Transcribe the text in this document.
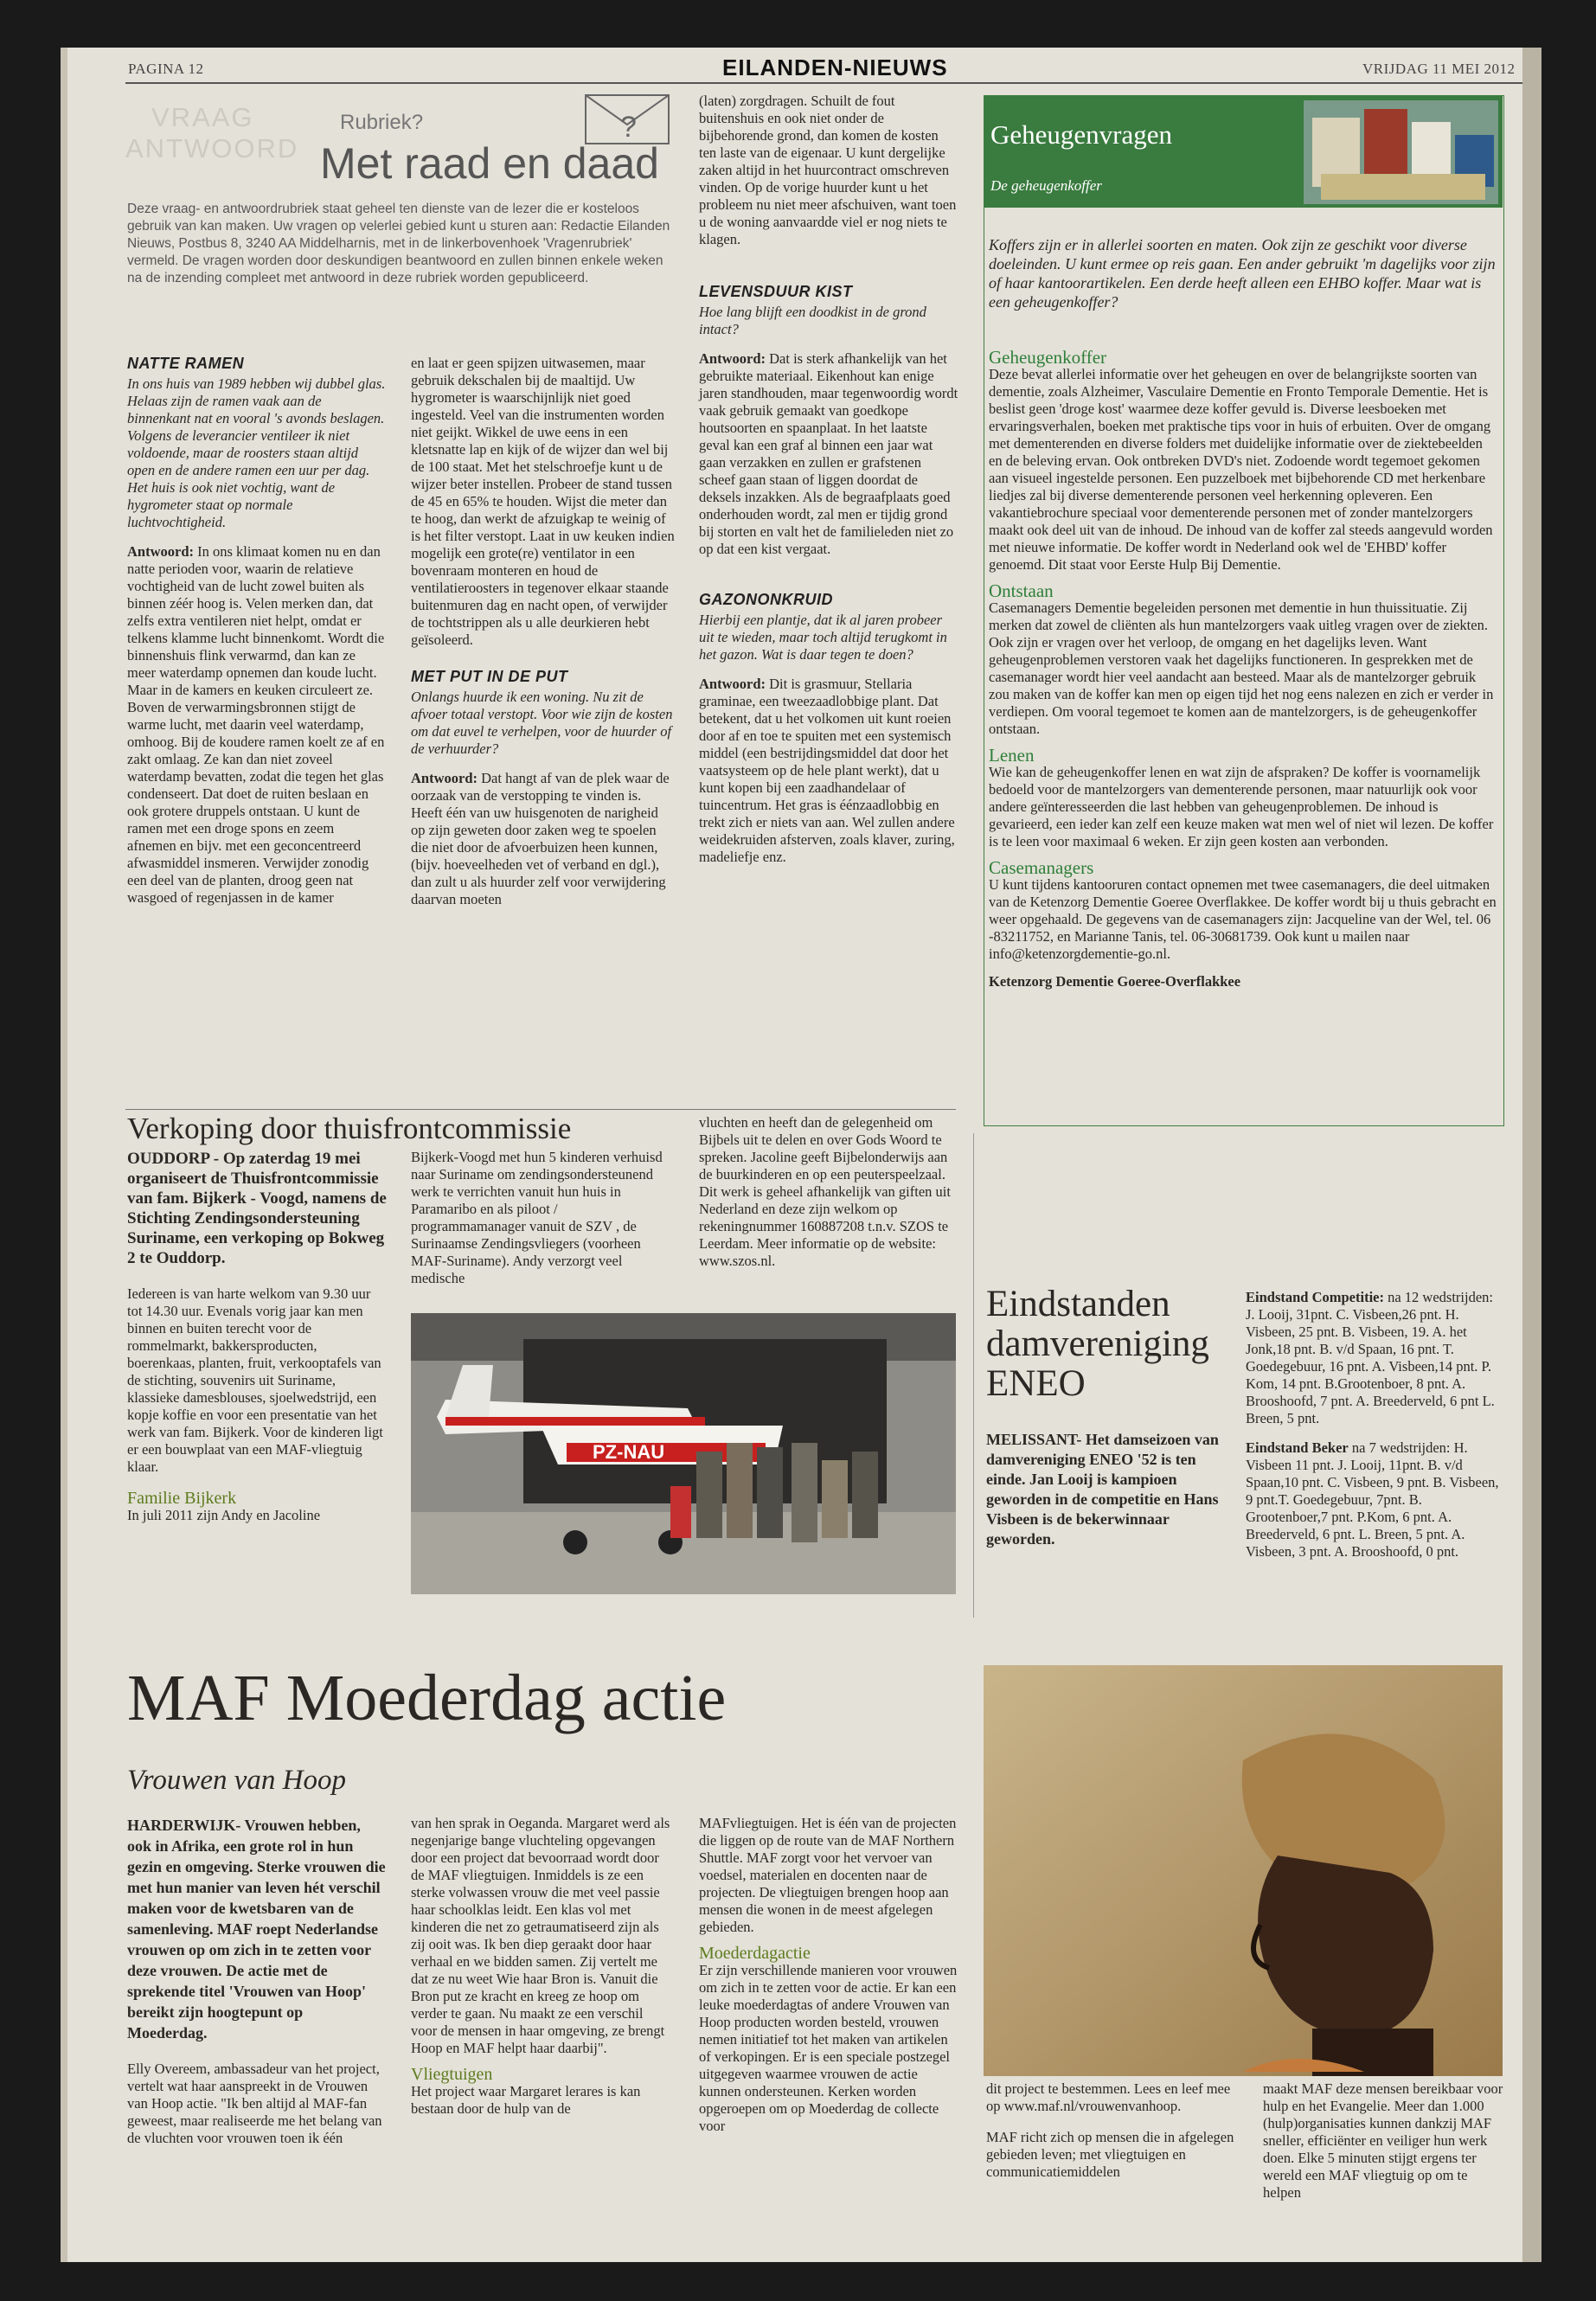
PAGINA 12	EILANDEN-NIEUWS	VRIJDAG 11 MEI 2012
VRAAG
ANTWOORD
Rubriek?
Met raad en daad
?
Deze vraag- en antwoordrubriek staat geheel ten dienste van de lezer die er kosteloos gebruik van kan maken. Uw vragen op velerlei gebied kunt u sturen aan: Redactie Eilanden Nieuws, Postbus 8, 3240 AA Middelharnis, met in de linkerbovenhoek 'Vragenrubriek' vermeld. De vragen worden door deskundigen beantwoord en zullen binnen enkele weken na de inzending compleet met antwoord in deze rubriek worden gepubliceerd.
NATTE RAMEN
In ons huis van 1989 hebben wij dubbel glas. Helaas zijn de ramen vaak aan de binnenkant nat en vooral 's avonds beslagen. Volgens de leverancier ventileer ik niet voldoende, maar de roosters staan altijd open en de andere ramen een uur per dag. Het huis is ook niet vochtig, want de hygrometer staat op normale luchtvochtigheid.
Antwoord: In ons klimaat komen nu en dan natte perioden voor, waarin de relatieve vochtigheid van de lucht zowel buiten als binnen zéér hoog is. Velen merken dan, dat zelfs extra ventileren niet helpt, omdat er telkens klamme lucht binnenkomt. Wordt die binnenshuis flink verwarmd, dan kan ze meer waterdamp opnemen dan koude lucht. Maar in de kamers en keuken circuleert ze. Boven de verwarmingsbronnen stijgt de warme lucht, met daarin veel waterdamp, omhoog. Bij de koudere ramen koelt ze af en zakt omlaag. Ze kan dan niet zoveel waterdamp bevatten, zodat die tegen het glas condenseert. Dat doet de ruiten beslaan en ook grotere druppels ontstaan. U kunt de ramen met een droge spons en zeem afnemen en bijv. met een geconcentreerd afwasmiddel insmeren. Verwijder zonodig een deel van de planten, droog geen nat wasgoed of regenjassen in de kamer
en laat er geen spijzen uitwasemen, maar gebruik dekschalen bij de maaltijd. Uw hygrometer is waarschijnlijk niet goed ingesteld. Veel van die instrumenten worden niet geijkt. Wikkel de uwe eens in een kletsnatte lap en kijk of de wijzer dan wel bij de 100 staat. Met het stelschroefje kunt u de wijzer beter instellen. Probeer de stand tussen de 45 en 65% te houden. Wijst die meter dan te hoog, dan werkt de afzuigkap te weinig of is het filter verstopt. Laat in uw keuken indien mogelijk een grote(re) ventilator in een bovenraam monteren en houd de ventilatieroosters in tegenover elkaar staande buitenmuren dag en nacht open, of verwijder de tochtstrippen als u alle deurkieren hebt geïsoleerd.
MET PUT IN DE PUT
Onlangs huurde ik een woning. Nu zit de afvoer totaal verstopt. Voor wie zijn de kosten om dat euvel te verhelpen, voor de huurder of de verhuurder?
Antwoord: Dat hangt af van de plek waar de oorzaak van de verstopping te vinden is. Heeft één van uw huisgenoten de narigheid op zijn geweten door zaken weg te spoelen die niet door de afvoerbuizen heen kunnen, (bijv. hoeveelheden vet of verband en dgl.), dan zult u als huurder zelf voor verwijdering daarvan moeten
(laten) zorgdragen. Schuilt de fout buitenshuis en ook niet onder de bijbehorende grond, dan komen de kosten ten laste van de eigenaar. U kunt dergelijke zaken altijd in het huurcontract omschreven vinden. Op de vorige huurder kunt u het probleem nu niet meer afschuiven, want toen u de woning aanvaardde viel er nog niets te klagen.
LEVENSDUUR KIST
Hoe lang blijft een doodkist in de grond intact?
Antwoord: Dat is sterk afhankelijk van het gebruikte materiaal. Eikenhout kan enige jaren standhouden, maar tegenwoordig wordt vaak gebruik gemaakt van goedkope houtsoorten en spaanplaat. In het laatste geval kan een graf al binnen een jaar wat gaan verzakken en zullen er grafstenen scheef gaan staan of liggen doordat de deksels inzakken. Als de begraafplaats goed onderhouden wordt, zal men er tijdig grond bij storten en valt het de familieleden niet zo op dat een kist vergaat.
GAZONONKRUID
Hierbij een plantje, dat ik al jaren probeer uit te wieden, maar toch altijd terugkomt in het gazon. Wat is daar tegen te doen?
Antwoord: Dit is grasmuur, Stellaria graminae, een tweezaadlobbige plant. Dat betekent, dat u het volkomen uit kunt roeien door af en toe te spuiten met een systemisch middel (een bestrijdingsmiddel dat door het vaatsysteem op de hele plant werkt), dat u kunt kopen bij een zaadhandelaar of tuincentrum. Het gras is éénzaadlobbig en trekt zich er niets van aan. Wel zullen andere weidekruiden afsterven, zoals klaver, zuring, madeliefje enz.
Geheugenvragen
De geheugenkoffer
Koffers zijn er in allerlei soorten en maten. Ook zijn ze geschikt voor diverse doeleinden. U kunt ermee op reis gaan. Een ander gebruikt 'm dagelijks voor zijn of haar kantoorartikelen. Een derde heeft alleen een EHBO koffer. Maar wat is een geheugenkoffer?
Geheugenkoffer
Deze bevat allerlei informatie over het geheugen en over de belangrijkste soorten van dementie, zoals Alzheimer, Vasculaire Dementie en Fronto Temporale Dementie. Het is beslist geen 'droge kost' waarmee deze koffer gevuld is. Diverse leesboeken met ervaringsverhalen, boeken met praktische tips voor in huis of erbuiten. Over de omgang met dementerenden en diverse folders met duidelijke informatie over de ziektebeelden en de beleving ervan. Ook ontbreken DVD's niet. Zodoende wordt tegemoet gekomen aan visueel ingestelde personen. Een puzzelboek met bijbehorende CD met herkenbare liedjes zal bij diverse dementerende personen veel herkenning opleveren. Een vakantiebrochure speciaal voor dementerende personen met of zonder mantelzorgers maakt ook deel uit van de inhoud. De inhoud van de koffer zal steeds aangevuld worden met nieuwe informatie. De koffer wordt in Nederland ook wel de 'EHBD' koffer genoemd. Dit staat voor Eerste Hulp Bij Dementie.
Ontstaan
Casemanagers Dementie begeleiden personen met dementie in hun thuissituatie. Zij merken dat zowel de cliënten als hun mantelzorgers vaak uitleg vragen over de ziekten. Ook zijn er vragen over het verloop, de omgang en het dagelijks leven. Want geheugenproblemen verstoren vaak het dagelijks functioneren. In gesprekken met de casemanager wordt hier veel aandacht aan besteed. Maar als de mantelzorger gebruik zou maken van de koffer kan men op eigen tijd het nog eens nalezen en zich er verder in verdiepen. Om vooral tegemoet te komen aan de mantelzorgers, is de geheugenkoffer ontstaan.
Lenen
Wie kan de geheugenkoffer lenen en wat zijn de afspraken? De koffer is voornamelijk bedoeld voor de mantelzorgers van dementerende personen, maar natuurlijk ook voor andere geïnteresseerden die last hebben van geheugenproblemen. De inhoud is gevarieerd, een ieder kan zelf een keuze maken wat men wel of niet wil lezen. De koffer is te leen voor maximaal 6 weken. Er zijn geen kosten aan verbonden.
Casemanagers
U kunt tijdens kantooruren contact opnemen met twee casemanagers, die deel uitmaken van de Ketenzorg Dementie Goeree Overflakkee. De koffer wordt bij u thuis gebracht en weer opgehaald. De gegevens van de casemanagers zijn: Jacqueline van der Wel, tel. 06 -83211752, en Marianne Tanis, tel. 06-30681739. Ook kunt u mailen naar info@ketenzorgdementie-go.nl.
Ketenzorg Dementie Goeree-Overflakkee
Verkoping door thuisfrontcommissie
OUDDORP - Op zaterdag 19 mei organiseert de Thuisfrontcommissie van fam. Bijkerk - Voogd, namens de Stichting Zendingsondersteuning Suriname, een verkoping op Bokweg 2 te Ouddorp.
Iedereen is van harte welkom van 9.30 uur tot 14.30 uur. Evenals vorig jaar kan men binnen en buiten terecht voor de rommelmarkt, bakkersproducten, boerenkaas, planten, fruit, verkooptafels van de stichting, souvenirs uit Suriname, klassieke damesblouses, sjoelwedstrijd, een kopje koffie en voor een presentatie van het werk van fam. Bijkerk. Voor de kinderen ligt er een bouwplaat van een MAF-vliegtuig klaar.
Familie Bijkerk
In juli 2011 zijn Andy en Jacoline
Bijkerk-Voogd met hun 5 kinderen verhuisd naar Suriname om zendingsondersteunend werk te verrichten vanuit hun huis in Paramaribo en als piloot / programmamanager vanuit de SZV , de Surinaamse Zendingsvliegers (voorheen MAF-Suriname). Andy verzorgt veel medische
vluchten en heeft dan de gelegenheid om Bijbels uit te delen en over Gods Woord te spreken. Jacoline geeft Bijbelonderwijs aan de buurkinderen en op een peuterspeelzaal. Dit werk is geheel afhankelijk van giften uit Nederland en deze zijn welkom op rekeningnummer 160887208 t.n.v. SZOS te Leerdam. Meer informatie op de website: www.szos.nl.
PZ-NAU
Eindstanden damvereniging ENEO
MELISSANT- Het damseizoen van damvereniging ENEO '52 is ten einde. Jan Looij is kampioen geworden in de competitie en Hans Visbeen is de bekerwinnaar geworden.
Eindstand Competitie: na 12 wedstrijden: J. Looij, 31pnt. C. Visbeen,26 pnt. H. Visbeen, 25 pnt. B. Visbeen, 19. A. het Jonk,18 pnt. B. v/d Spaan, 16 pnt. T. Goedegebuur, 16 pnt. A. Visbeen,14 pnt. P. Kom, 14 pnt. B.Grootenboer, 8 pnt. A. Brooshoofd, 7 pnt. A. Breederveld, 6 pnt L. Breen, 5 pnt.
Eindstand Beker na 7 wedstrijden: H. Visbeen 11 pnt. J. Looij, 11pnt. B. v/d Spaan,10 pnt. C. Visbeen, 9 pnt. B. Visbeen, 9 pnt.T. Goedegebuur, 7pnt. B. Grootenboer,7 pnt. P.Kom, 6 pnt. A. Breederveld, 6 pnt. L. Breen, 5 pnt. A. Visbeen, 3 pnt. A. Brooshoofd, 0 pnt.
MAF Moederdag actie
Vrouwen van Hoop
HARDERWIJK- Vrouwen hebben, ook in Afrika, een grote rol in hun gezin en omgeving. Sterke vrouwen die met hun manier van leven hét verschil maken voor de kwetsbaren van de samenleving. MAF roept Nederlandse vrouwen op om zich in te zetten voor deze vrouwen. De actie met de sprekende titel 'Vrouwen van Hoop' bereikt zijn hoogtepunt op Moederdag.
Elly Overeem, ambassadeur van het project, vertelt wat haar aanspreekt in de Vrouwen van Hoop actie. "Ik ben altijd al MAF-fan geweest, maar realiseerde me het belang van de vluchten voor vrouwen toen ik één
van hen sprak in Oeganda. Margaret werd als negenjarige bange vluchteling opgevangen door een project dat bevoorraad wordt door de MAF vliegtuigen. Inmiddels is ze een sterke volwassen vrouw die met veel passie haar schoolklas leidt. Een klas vol met kinderen die net zo getraumatiseerd zijn als zij ooit was. Ik ben diep geraakt door haar verhaal en we bidden samen. Zij vertelt me dat ze nu weet Wie haar Bron is. Vanuit die Bron put ze kracht en kreeg ze hoop om verder te gaan. Nu maakt ze een verschil voor de mensen in haar omgeving, ze brengt Hoop en MAF helpt haar daarbij".
Vliegtuigen
Het project waar Margaret lerares is kan bestaan door de hulp van de
MAFvliegtuigen. Het is één van de projecten die liggen op de route van de MAF Northern Shuttle. MAF zorgt voor het vervoer van voedsel, materialen en docenten naar de projecten. De vliegtuigen brengen hoop aan mensen die wonen in de meest afgelegen gebieden.
Moederdagactie
Er zijn verschillende manieren voor vrouwen om zich in te zetten voor de actie. Er kan een leuke moederdagtas of andere Vrouwen van Hoop producten worden besteld, vrouwen nemen initiatief tot het maken van artikelen of verkopingen. Er is een speciale postzegel uitgegeven waarmee vrouwen de actie kunnen ondersteunen. Kerken worden opgeroepen om op Moederdag de collecte voor
dit project te bestemmen. Lees en leef mee op www.maf.nl/vrouwenvanhoop.
MAF richt zich op mensen die in afgelegen gebieden leven; met vliegtuigen en communicatiemiddelen
maakt MAF deze mensen bereikbaar voor hulp en het Evangelie. Meer dan 1.000 (hulp)organisaties kunnen dankzij MAF sneller, efficiënter en veiliger hun werk doen. Elke 5 minuten stijgt ergens ter wereld een MAF vliegtuig op om te helpen
